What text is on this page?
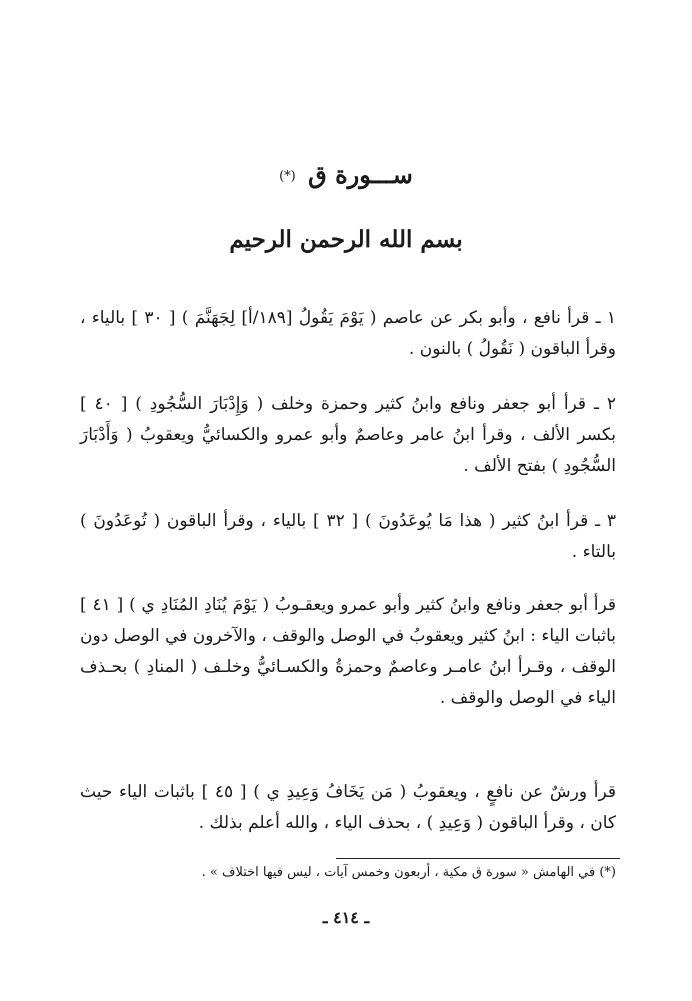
ســـورة ق (*)
بسم الله الرحمن الرحيم

١ ـ قرأ نافع ، وأبو بكر عن عاصم ( يَوْمَ يَقُولُ [١٨٩/أ] لِجَهَنَّمَ ) [ ٣٠ ] بالياء ، وقرأ الباقون ( نَقُولُ ) بالنون .

٢ ـ قرأ أبو جعفر ونافع وابنُ كثير وحمزة وخلف ( وَإِدْبَارَ السُّجُودِ ) [ ٤٠ ] بكسر الألف ، وقرأ ابنُ عامر وعاصمٌ وأبو عمرو والكسائيُّ ويعقوبُ ( وَأَدْبَارَ السُّجُودِ ) بفتح الألف .

٣ ـ قرأ ابنُ كثير ( هذا مَا يُوعَدُونَ ) [ ٣٢ ] بالياء ، وقرأ الباقون ( تُوعَدُونَ ) بالتاء .

قرأ أبو جعفر ونافع وابنُ كثير وأبو عمرو ويعقـوبُ ( يَوْمَ يُنَادِ المُنَادِ ي ) [ ٤١ ] باثبات الياء : ابنُ كثير ويعقوبُ في الوصل والوقف ، والآخرون في الوصل دون الوقف ، وقـرأ ابنُ عامـر وعاصمٌ وحمزةُ والكسـائيُّ وخلـف ( المنادِ ) بحـذف الياء في الوصل والوقف .

قرأ ورشٌ عن نافعٍ ، ويعقوبُ ( مَن يَخَافُ وَعِيدِ ي ) [ ٤٥ ] باثبات الياء حيث كان ، وقرأ الباقون ( وَعِيدِ ) ، بحذف الياء ، والله أعلم بذلك .

(*) في الهامش « سورة ق مكية ، أربعون وخمس آيات ، ليس فيها اختلاف » .
ـ ٤١٤ ـ
